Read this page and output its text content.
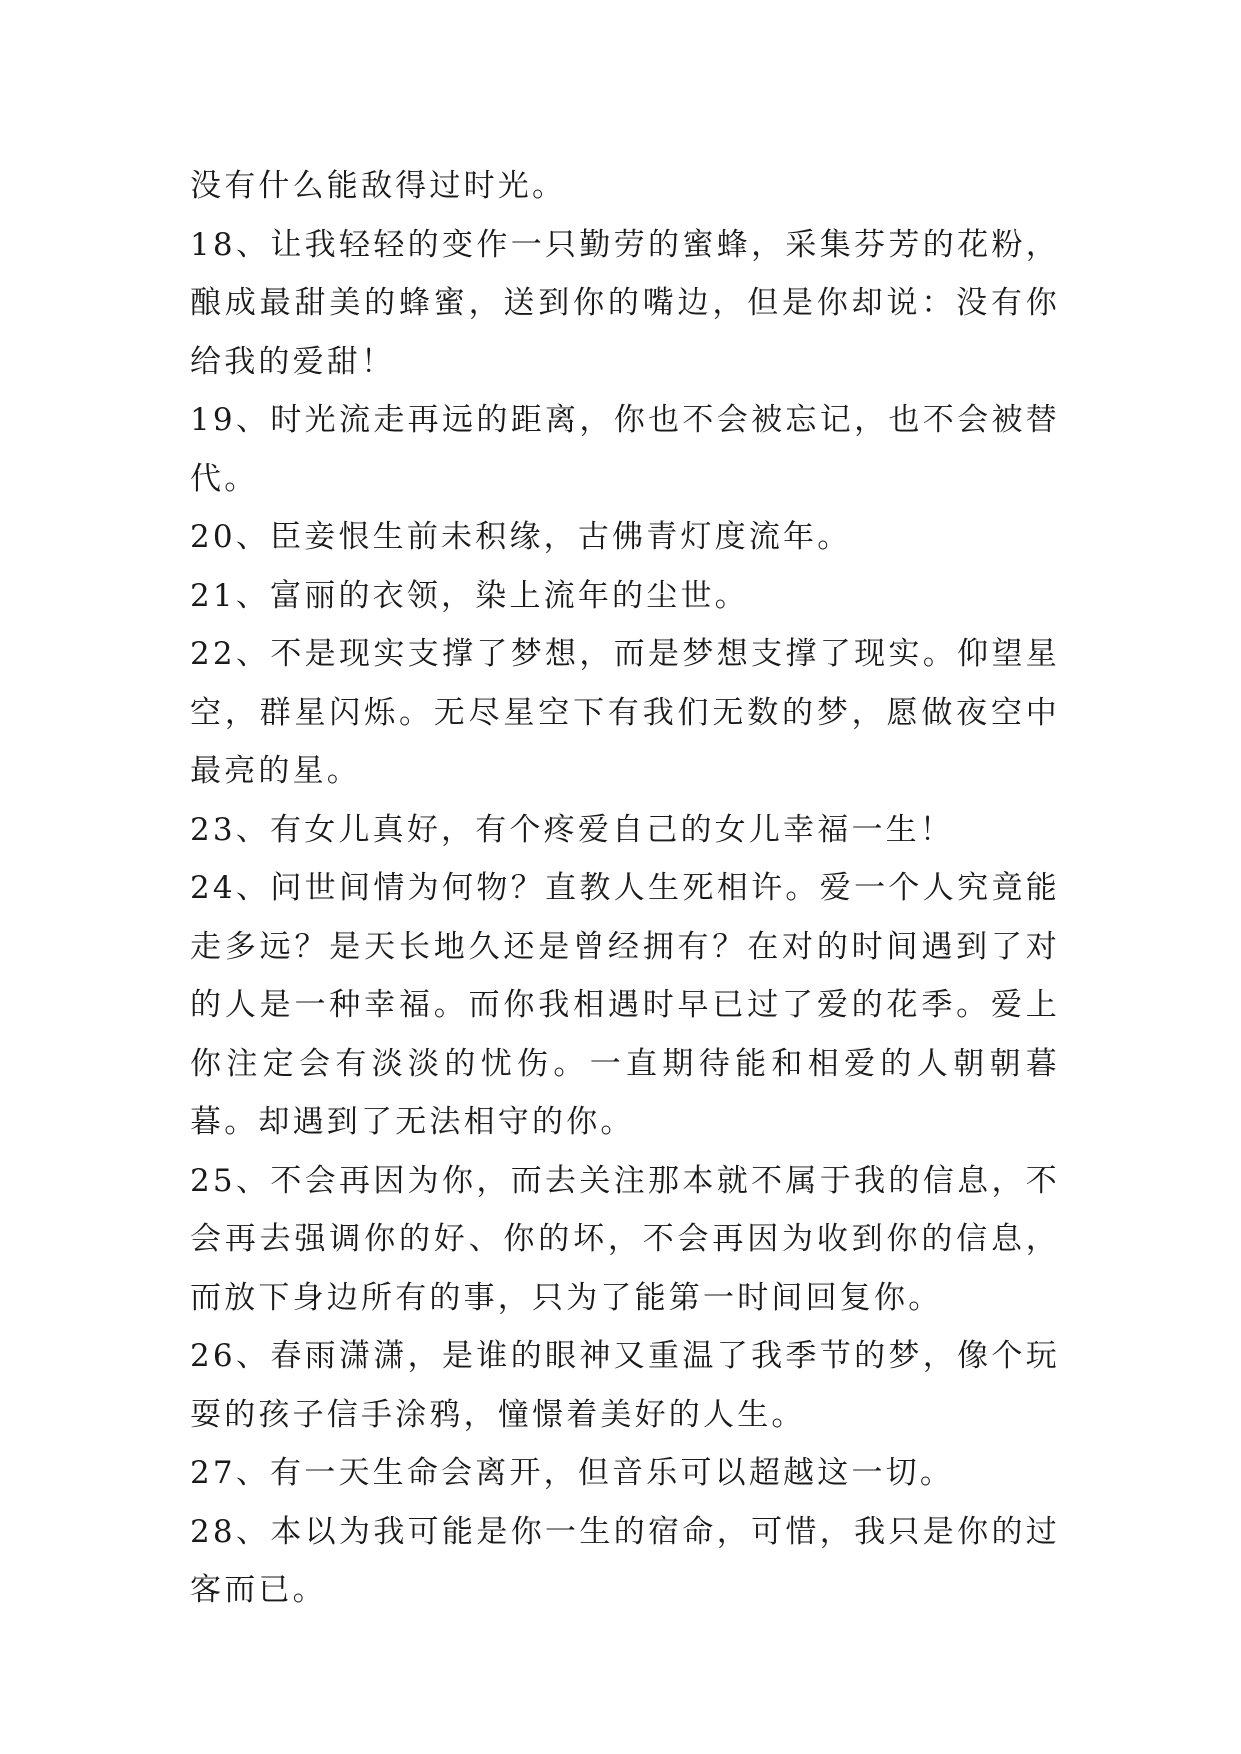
没有什么能敌得过时光。

18、让我轻轻的变作一只勤劳的蜜蜂，采集芬芳的花粉，酿成最甜美的蜂蜜，送到你的嘴边，但是你却说：没有你给我的爱甜！

19、时光流走再远的距离，你也不会被忘记，也不会被替代。

20、臣妾恨生前未积缘，古佛青灯度流年。

21、富丽的衣领，染上流年的尘世。

22、不是现实支撑了梦想，而是梦想支撑了现实。仰望星空，群星闪烁。无尽星空下有我们无数的梦，愿做夜空中最亮的星。

23、有女儿真好，有个疼爱自己的女儿幸福一生！

24、问世间情为何物？直教人生死相许。爱一个人究竟能走多远？是天长地久还是曾经拥有？在对的时间遇到了对的人是一种幸福。而你我相遇时早已过了爱的花季。爱上你注定会有淡淡的忧伤。一直期待能和相爱的人朝朝暮暮。却遇到了无法相守的你。

25、不会再因为你，而去关注那本就不属于我的信息，不会再去强调你的好、你的坏，不会再因为收到你的信息，而放下身边所有的事，只为了能第一时间回复你。

26、春雨潇潇，是谁的眼神又重温了我季节的梦，像个玩耍的孩子信手涂鸦，憧憬着美好的人生。

27、有一天生命会离开，但音乐可以超越这一切。

28、本以为我可能是你一生的宿命，可惜，我只是你的过客而已。
